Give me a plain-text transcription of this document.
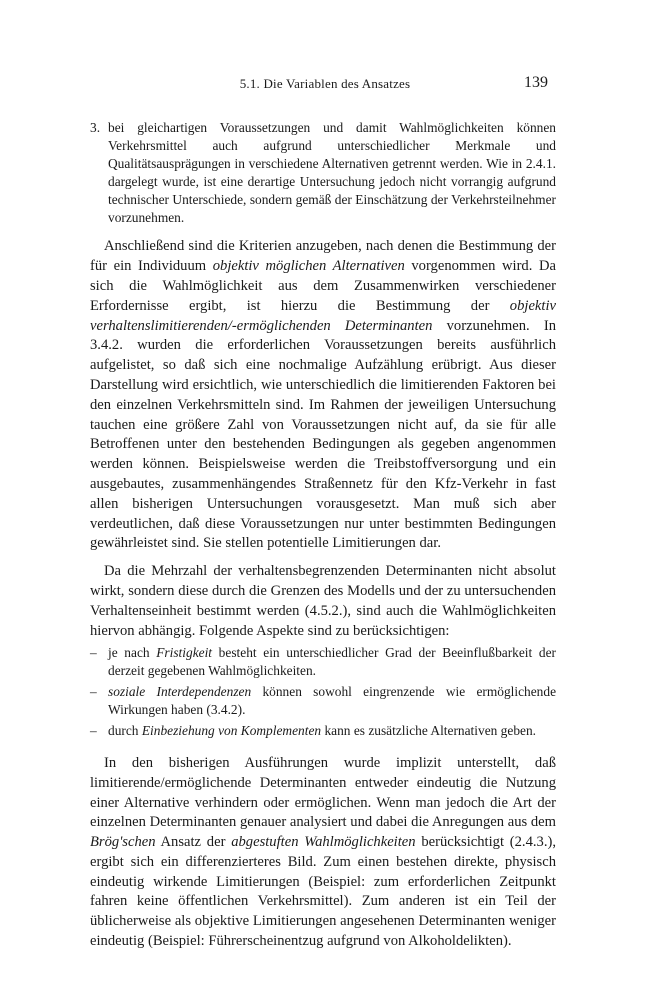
5.1. Die Variablen des Ansatzes	139
3. bei gleichartigen Voraussetzungen und damit Wahlmöglichkeiten können Verkehrsmittel auch aufgrund unterschiedlicher Merkmale und Qualitätsausprägungen in verschiedene Alternativen getrennt werden. Wie in 2.4.1. dargelegt wurde, ist eine derartige Untersuchung jedoch nicht vorrangig aufgrund technischer Unterschiede, sondern gemäß der Einschätzung der Verkehrsteilnehmer vorzunehmen.

Anschließend sind die Kriterien anzugeben, nach denen die Bestimmung der für ein Individuum objektiv möglichen Alternativen vorgenommen wird. Da sich die Wahlmöglichkeit aus dem Zusammenwirken verschiedener Erfordernisse ergibt, ist hierzu die Bestimmung der objektiv verhaltenslimitierenden/-ermöglichenden Determinanten vorzunehmen. In 3.4.2. wurden die erforderlichen Voraussetzungen bereits ausführlich aufgelistet, so daß sich eine nochmalige Aufzählung erübrigt. Aus dieser Darstellung wird ersichtlich, wie unterschiedlich die limitierenden Faktoren bei den einzelnen Verkehrsmitteln sind. Im Rahmen der jeweiligen Untersuchung tauchen eine größere Zahl von Voraussetzungen nicht auf, da sie für alle Betroffenen unter den bestehenden Bedingungen als gegeben angenommen werden können. Beispielsweise werden die Treibstoffversorgung und ein ausgebautes, zusammenhängendes Straßennetz für den Kfz-Verkehr in fast allen bisherigen Untersuchungen vorausgesetzt. Man muß sich aber verdeutlichen, daß diese Voraussetzungen nur unter bestimmten Bedingungen gewährleistet sind. Sie stellen potentielle Limitierungen dar.

Da die Mehrzahl der verhaltensbegrenzenden Determinanten nicht absolut wirkt, sondern diese durch die Grenzen des Modells und der zu untersuchenden Verhaltenseinheit bestimmt werden (4.5.2.), sind auch die Wahlmöglichkeiten hiervon abhängig. Folgende Aspekte sind zu berücksichtigen:

– je nach Fristigkeit besteht ein unterschiedlicher Grad der Beeinflußbarkeit der derzeit gegebenen Wahlmöglichkeiten.
– soziale Interdependenzen können sowohl eingrenzende wie ermöglichende Wirkungen haben (3.4.2).
– durch Einbeziehung von Komplementen kann es zusätzliche Alternativen geben.

In den bisherigen Ausführungen wurde implizit unterstellt, daß limitierende/ermöglichende Determinanten entweder eindeutig die Nutzung einer Alternative verhindern oder ermöglichen. Wenn man jedoch die Art der einzelnen Determinanten genauer analysiert und dabei die Anregungen aus dem Brög'schen Ansatz der abgestuften Wahlmöglichkeiten berücksichtigt (2.4.3.), ergibt sich ein differenzierteres Bild. Zum einen bestehen direkte, physisch eindeutig wirkende Limitierungen (Beispiel: zum erforderlichen Zeitpunkt fahren keine öffentlichen Verkehrsmittel). Zum anderen ist ein Teil der üblicherweise als objektive Limitierungen angesehenen Determinanten weniger eindeutig (Beispiel: Führerscheinentzug aufgrund von Alkoholdelikten).
